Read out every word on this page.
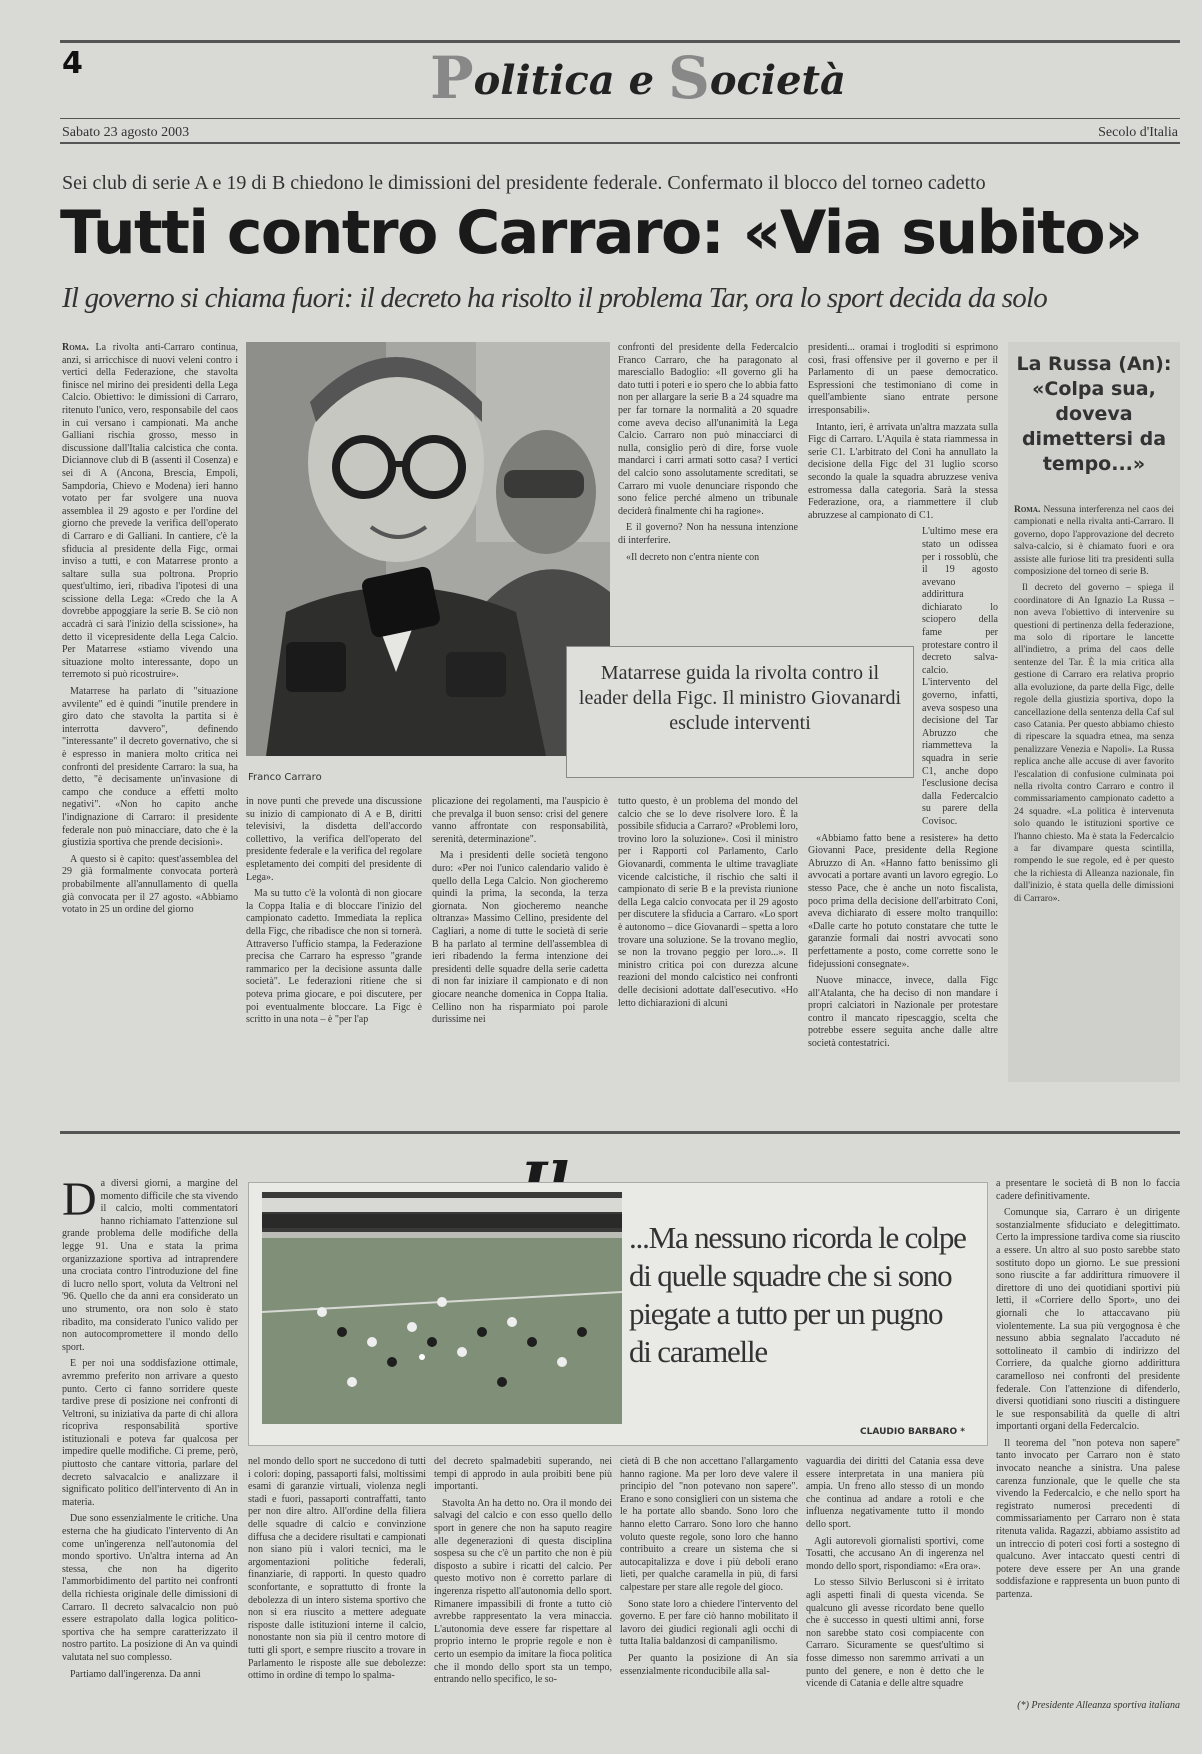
4	Politica e Società
Sabato 23 agosto 2003	Secolo d'Italia
Sei club di serie A e 19 di B chiedono le dimissioni del presidente federale. Confermato il blocco del torneo cadetto
Tutti contro Carraro: «Via subito»
Il governo si chiama fuori: il decreto ha risolto il problema Tar, ora lo sport decida da solo

Roma. La rivolta anti-Carraro continua, anzi, si arricchisce di nuovi veleni contro i vertici della Federazione, che stavolta finisce nel mirino dei presidenti della Lega Calcio. Obiettivo: le dimissioni di Carraro, ritenuto l'unico, vero, responsabile del caos in cui versano i campionati. Ma anche Galliani rischia grosso, messo in discussione dall'Italia calcistica che conta. Diciannove club di B (assenti il Cosenza) e sei di A (Ancona, Brescia, Empoli, Sampdoria, Chievo e Modena) ieri hanno votato per far svolgere una nuova assemblea il 29 agosto e per l'ordine del giorno che prevede la verifica dell'operato di Carraro e di Galliani. In cantiere, c'è la sfiducia al presidente della Figc, ormai inviso a tutti, e con Matarrese pronto a saltare sulla sua poltrona. Proprio quest'ultimo, ieri, ribadiva l'ipotesi di una scissione della Lega: «Credo che la A dovrebbe appoggiare la serie B. Se ciò non accadrà ci sarà l'inizio della scissione», ha detto il vicepresidente della Lega Calcio. Per Matarrese «stiamo vivendo una situazione molto interessante, dopo un terremoto si può ricostruire».

Matarrese ha parlato di "situazione avvilente" ed è quindi "inutile prendere in giro dato che stavolta la partita si è interrotta davvero", definendo "interessante" il decreto governativo, che si è espresso in maniera molto critica nei confronti del presidente Carraro: la sua, ha detto, "è decisamente un'invasione di campo che conduce a effetti molto negativi". «Non ho capito anche l'indignazione di Carraro: il presidente federale non può minacciare, dato che è la giustizia sportiva che prende decisioni».

A questo si è capito: quest'assemblea del 29 già formalmente convocata porterà probabilmente all'annullamento di quella già convocata per il 27 agosto. «Abbiamo votato in 25 un ordine del giorno

Franco Carraro

in nove punti che prevede una discussione su inizio di campionato di A e B, diritti televisivi, la disdetta dell'accordo collettivo, la verifica dell'operato del presidente federale e la verifica del regolare espletamento dei compiti del presidente di Lega».

Ma su tutto c'è la volontà di non giocare la Coppa Italia e di bloccare l'inizio del campionato cadetto. Immediata la replica della Figc, che ribadisce che non si tornerà. Attraverso l'ufficio stampa, la Federazione precisa che Carraro ha espresso "grande rammarico per la decisione assunta dalle società". Le federazioni ritiene che si poteva prima giocare, e poi discutere, per poi eventualmente bloccare. La Figc è scritto in una nota – è "per l'ap

plicazione dei regolamenti, ma l'auspicio è che prevalga il buon senso: crisi del genere vanno affrontate con responsabilità, serenità, determinazione".

Ma i presidenti delle società tengono duro: «Per noi l'unico calendario valido è quello della Lega Calcio. Non giocheremo quindi la prima, la seconda, la terza giornata. Non giocheremo neanche oltranza» Massimo Cellino, presidente del Cagliari, a nome di tutte le società di serie B ha parlato al termine dell'assemblea di ieri ribadendo la ferma intenzione dei presidenti delle squadre della serie cadetta di non far iniziare il campionato e di non giocare neanche domenica in Coppa Italia. Cellino non ha risparmiato poi parole durissime nei

confronti del presidente della Federcalcio Franco Carraro, che ha paragonato al maresciallo Badoglio: «Il governo gli ha dato tutti i poteri e io spero che lo abbia fatto non per allargare la serie B a 24 squadre ma per far tornare la normalità a 20 squadre come aveva deciso all'unanimità la Lega Calcio. Carraro non può minacciarci di nulla, consiglio però di dire, forse vuole mandarci i carri armati sotto casa? I vertici del calcio sono assolutamente screditati, se Carraro mi vuole denunciare rispondo che sono felice perché almeno un tribunale deciderà finalmente chi ha ragione».

E il governo? Non ha nessuna intenzione di interferire.

«Il decreto non c'entra niente con

Matarrese guida la rivolta contro il leader della Figc. Il ministro Giovanardi esclude interventi

tutto questo, è un problema del mondo del calcio che se lo deve risolvere loro. È la possibile sfiducia a Carraro? «Problemi loro, trovino loro la soluzione». Così il ministro per i Rapporti col Parlamento, Carlo Giovanardi, commenta le ultime travagliate vicende calcistiche, il rischio che salti il campionato di serie B e la prevista riunione della Lega calcio convocata per il 29 agosto per discutere la sfiducia a Carraro. «Lo sport è autonomo – dice Giovanardi – spetta a loro trovare una soluzione. Se la trovano meglio, se non la trovano peggio per loro...». Il ministro critica poi con durezza alcune reazioni del mondo calcistico nei confronti delle decisioni adottate dall'esecutivo. «Ho letto dichiarazioni di alcuni

presidenti... oramai i trogloditi si esprimono così, frasi offensive per il governo e per il Parlamento di un paese democratico. Espressioni che testimoniano di come in quell'ambiente siano entrate persone irresponsabili».

Intanto, ieri, è arrivata un'altra mazzata sulla Figc di Carraro. L'Aquila è stata riammessa in serie C1. L'arbitrato del Coni ha annullato la decisione della Figc del 31 luglio scorso secondo la quale la squadra abruzzese veniva estromessa dalla categoria. Sarà la stessa Federazione, ora, a riammettere il club abruzzese al campionato di C1.

L'ultimo mese era stato un odissea per i rossoblù, che il 19 agosto avevano addirittura dichiarato lo sciopero della fame per protestare contro il decreto salva-calcio. L'intervento del governo, infatti, aveva sospeso una decisione del Tar Abruzzo che riammetteva la squadra in serie C1, anche dopo l'esclusione decisa dalla Federcalcio su parere della Covisoc.

«Abbiamo fatto bene a resistere» ha detto Giovanni Pace, presidente della Regione Abruzzo di An. «Hanno fatto benissimo gli avvocati a portare avanti un lavoro egregio. Lo stesso Pace, che è anche un noto fiscalista, poco prima della decisione dell'arbitrato Coni, aveva dichiarato di essere molto tranquillo: «Dalle carte ho potuto constatare che tutte le garanzie formali dai nostri avvocati sono perfettamente a posto, come corrette sono le fidejussioni consegnate».

Nuove minacce, invece, dalla Figc all'Atalanta, che ha deciso di non mandare i propri calciatori in Nazionale per protestare contro il mancato ripescaggio, scelta che potrebbe essere seguita anche dalle altre società contestatrici.

La Russa (An): «Colpa sua, doveva dimettersi da tempo...»

Roma. Nessuna interferenza nel caos dei campionati e nella rivalta anti-Carraro. Il governo, dopo l'approvazione del decreto salva-calcio, si è chiamato fuori e ora assiste alle furiose liti tra presidenti sulla composizione del torneo di serie B.

Il decreto del governo – spiega il coordinatore di An Ignazio La Russa – non aveva l'obiettivo di intervenire su questioni di pertinenza della federazione, ma solo di riportare le lancette all'indietro, a prima del caos delle sentenze del Tar. È la mia critica alla gestione di Carraro era relativa proprio alla evoluzione, da parte della Figc, delle regole della giustizia sportiva, dopo la cancellazione della sentenza della Caf sul caso Catania. Per questo abbiamo chiesto di ripescare la squadra etnea, ma senza penalizzare Venezia e Napoli». La Russa replica anche alle accuse di aver favorito l'escalation di confusione culminata poi nella rivolta contro Carraro e contro il commissariamento campionato cadetto a 24 squadre. «La politica è intervenuta solo quando le istituzioni sportive ce l'hanno chiesto. Ma è stata la Federcalcio a far divampare questa scintilla, rompendo le sue regole, ed è per questo che la richiesta di Alleanza nazionale, fin dall'inizio, è stata quella delle dimissioni di Carraro».

Da diversi giorni, a margine del momento difficile che sta vivendo il calcio, molti commentatori hanno richiamato l'attenzione sul grande problema delle modifiche della legge 91. Una e stata la prima organizzazione sportiva ad intraprendere una crociata contro l'introduzione del fine di lucro nello sport, voluta da Veltroni nel '96. Quello che da anni era considerato un uno strumento, ora non solo è stato ribadito, ma considerato l'unico valido per non autocompromettere il mondo dello sport.

E per noi una soddisfazione ottimale, avremmo preferito non arrivare a questo punto. Certo ci fanno sorridere queste tardive prese di posizione nei confronti di Veltroni, su iniziativa da parte di chi allora ricopriva responsabilità sportive istituzionali e poteva far qualcosa per impedire quelle modifiche. Ci preme, però, piuttosto che cantare vittoria, parlare del decreto salvacalcio e analizzare il significato politico dell'intervento di An in materia.

Due sono essenzialmente le critiche. Una esterna che ha giudicato l'intervento di An come un'ingerenza nell'autonomia del mondo sportivo. Un'altra interna ad An stessa, che non ha digerito l'ammorbidimento del partito nei confronti della richiesta originale delle dimissioni di Carraro. Il decreto salvacalcio non può essere estrapolato dalla logica politico-sportiva che ha sempre caratterizzato il nostro partito. La posizione di An va quindi valutata nel suo complesso.

Partiamo dall'ingerenza. Da anni

...Ma nessuno ricorda le colpe di quelle squadre che si sono piegate a tutto per un pugno di caramelle
CLAUDIO BARBARO *

nel mondo dello sport ne succedono di tutti i colori: doping, passaporti falsi, moltissimi esami di garanzie virtuali, violenza negli stadi e fuori, passaporti contraffatti, tanto per non dire altro. All'ordine della filiera delle squadre di calcio e convinzione diffusa che a decidere risultati e campionati non siano più i valori tecnici, ma le argomentazioni politiche federali, finanziarie, di rapporti. In questo quadro sconfortante, e soprattutto di fronte la debolezza di un intero sistema sportivo che non si era riuscito a mettere adeguate risposte dalle istituzioni interne il calcio, nonostante non sia più il centro motore di tutti gli sport, e sempre riuscito a trovare in Parlamento le risposte alle sue debolezze: ottimo in ordine di tempo lo spalma-

del decreto spalmadebiti superando, nei tempi di approdo in aula proibiti bene più importanti.

Stavolta An ha detto no. Ora il mondo dei salvagi del calcio e con esso quello dello sport in genere che non ha saputo reagire alle degenerazioni di questa disciplina sospesa su che c'è un partito che non è più disposto a subire i ricatti del calcio. Per questo motivo non è corretto parlare di ingerenza rispetto all'autonomia dello sport. Rimanere impassibili di fronte a tutto ciò avrebbe rappresentato la vera minaccia. L'autonomia deve essere far rispettare al proprio interno le proprie regole e non è certo un esempio da imitare la fioca politica che il mondo dello sport sta un tempo, entrando nello specifico, le so-

cietà di B che non accettano l'allargamento hanno ragione. Ma per loro deve valere il principio del "non potevano non sapere". Erano e sono consiglieri con un sistema che le ha portate allo sbando. Sono loro che hanno eletto Carraro. Sono loro che hanno voluto queste regole, sono loro che hanno contribuito a creare un sistema che si autocapitalizza e dove i più deboli erano lieti, per qualche caramella in più, di farsi calpestare per stare alle regole del gioco.

Sono state loro a chiedere l'intervento del governo. E per fare ciò hanno mobilitato il lavoro dei giudici regionali agli occhi di tutta Italia baldanzosi di campanilismo.

Per quanto la posizione di An sia essenzialmente riconducibile alla sal-

vaguardia dei diritti del Catania essa deve essere interpretata in una maniera più ampia. Un freno allo stesso di un mondo che continua ad andare a rotoli e che influenza negativamente tutto il mondo dello sport.

Agli autorevoli giornalisti sportivi, come Tosatti, che accusano An di ingerenza nel mondo dello sport, rispondiamo: «Era ora».

Lo stesso Silvio Berlusconi si è irritato agli aspetti finali di questa vicenda. Se qualcuno gli avesse ricordato bene quello che è successo in questi ultimi anni, forse non sarebbe stato così compiacente con Carraro. Sicuramente se quest'ultimo si fosse dimesso non saremmo arrivati a un punto del genere, e non è detto che le vicende di Catania e delle altre squadre

a presentare le società di B non lo faccia cadere definitivamente.

Comunque sia, Carraro è un dirigente sostanzialmente sfiduciato e delegittimato. Certo la impressione tardiva come sia riuscito a essere. Un altro al suo posto sarebbe stato sostituto dopo un giorno. Le sue pressioni sono riuscite a far addirittura rimuovere il direttore di uno dei quotidiani sportivi più letti, il «Corriere dello Sport», uno dei giornali che lo attaccavano più violentemente. La sua più vergognosa è che nessuno abbia segnalato l'accaduto né sottolineato il cambio di indirizzo del Corriere, da qualche giorno addirittura caramelloso nei confronti del presidente federale. Con l'attenzione di difenderlo, diversi quotidiani sono riusciti a distinguere le sue responsabilità da quelle di altri importanti organi della Federcalcio.

Il teorema del "non poteva non sapere" tanto invocato per Carraro non è stato invocato neanche a sinistra. Una palese carenza funzionale, que le quelle che sta vivendo la Federcalcio, e che nello sport ha registrato numerosi precedenti di commissariamento per Carraro non è stata ritenuta valida. Ragazzi, abbiamo assistito ad un intreccio di poteri così forti a sostegno di qualcuno. Aver intaccato questi centri di potere deve essere per An una grande soddisfazione e rappresenta un buon punto di partenza.

(*) Presidente Alleanza sportiva italiana
